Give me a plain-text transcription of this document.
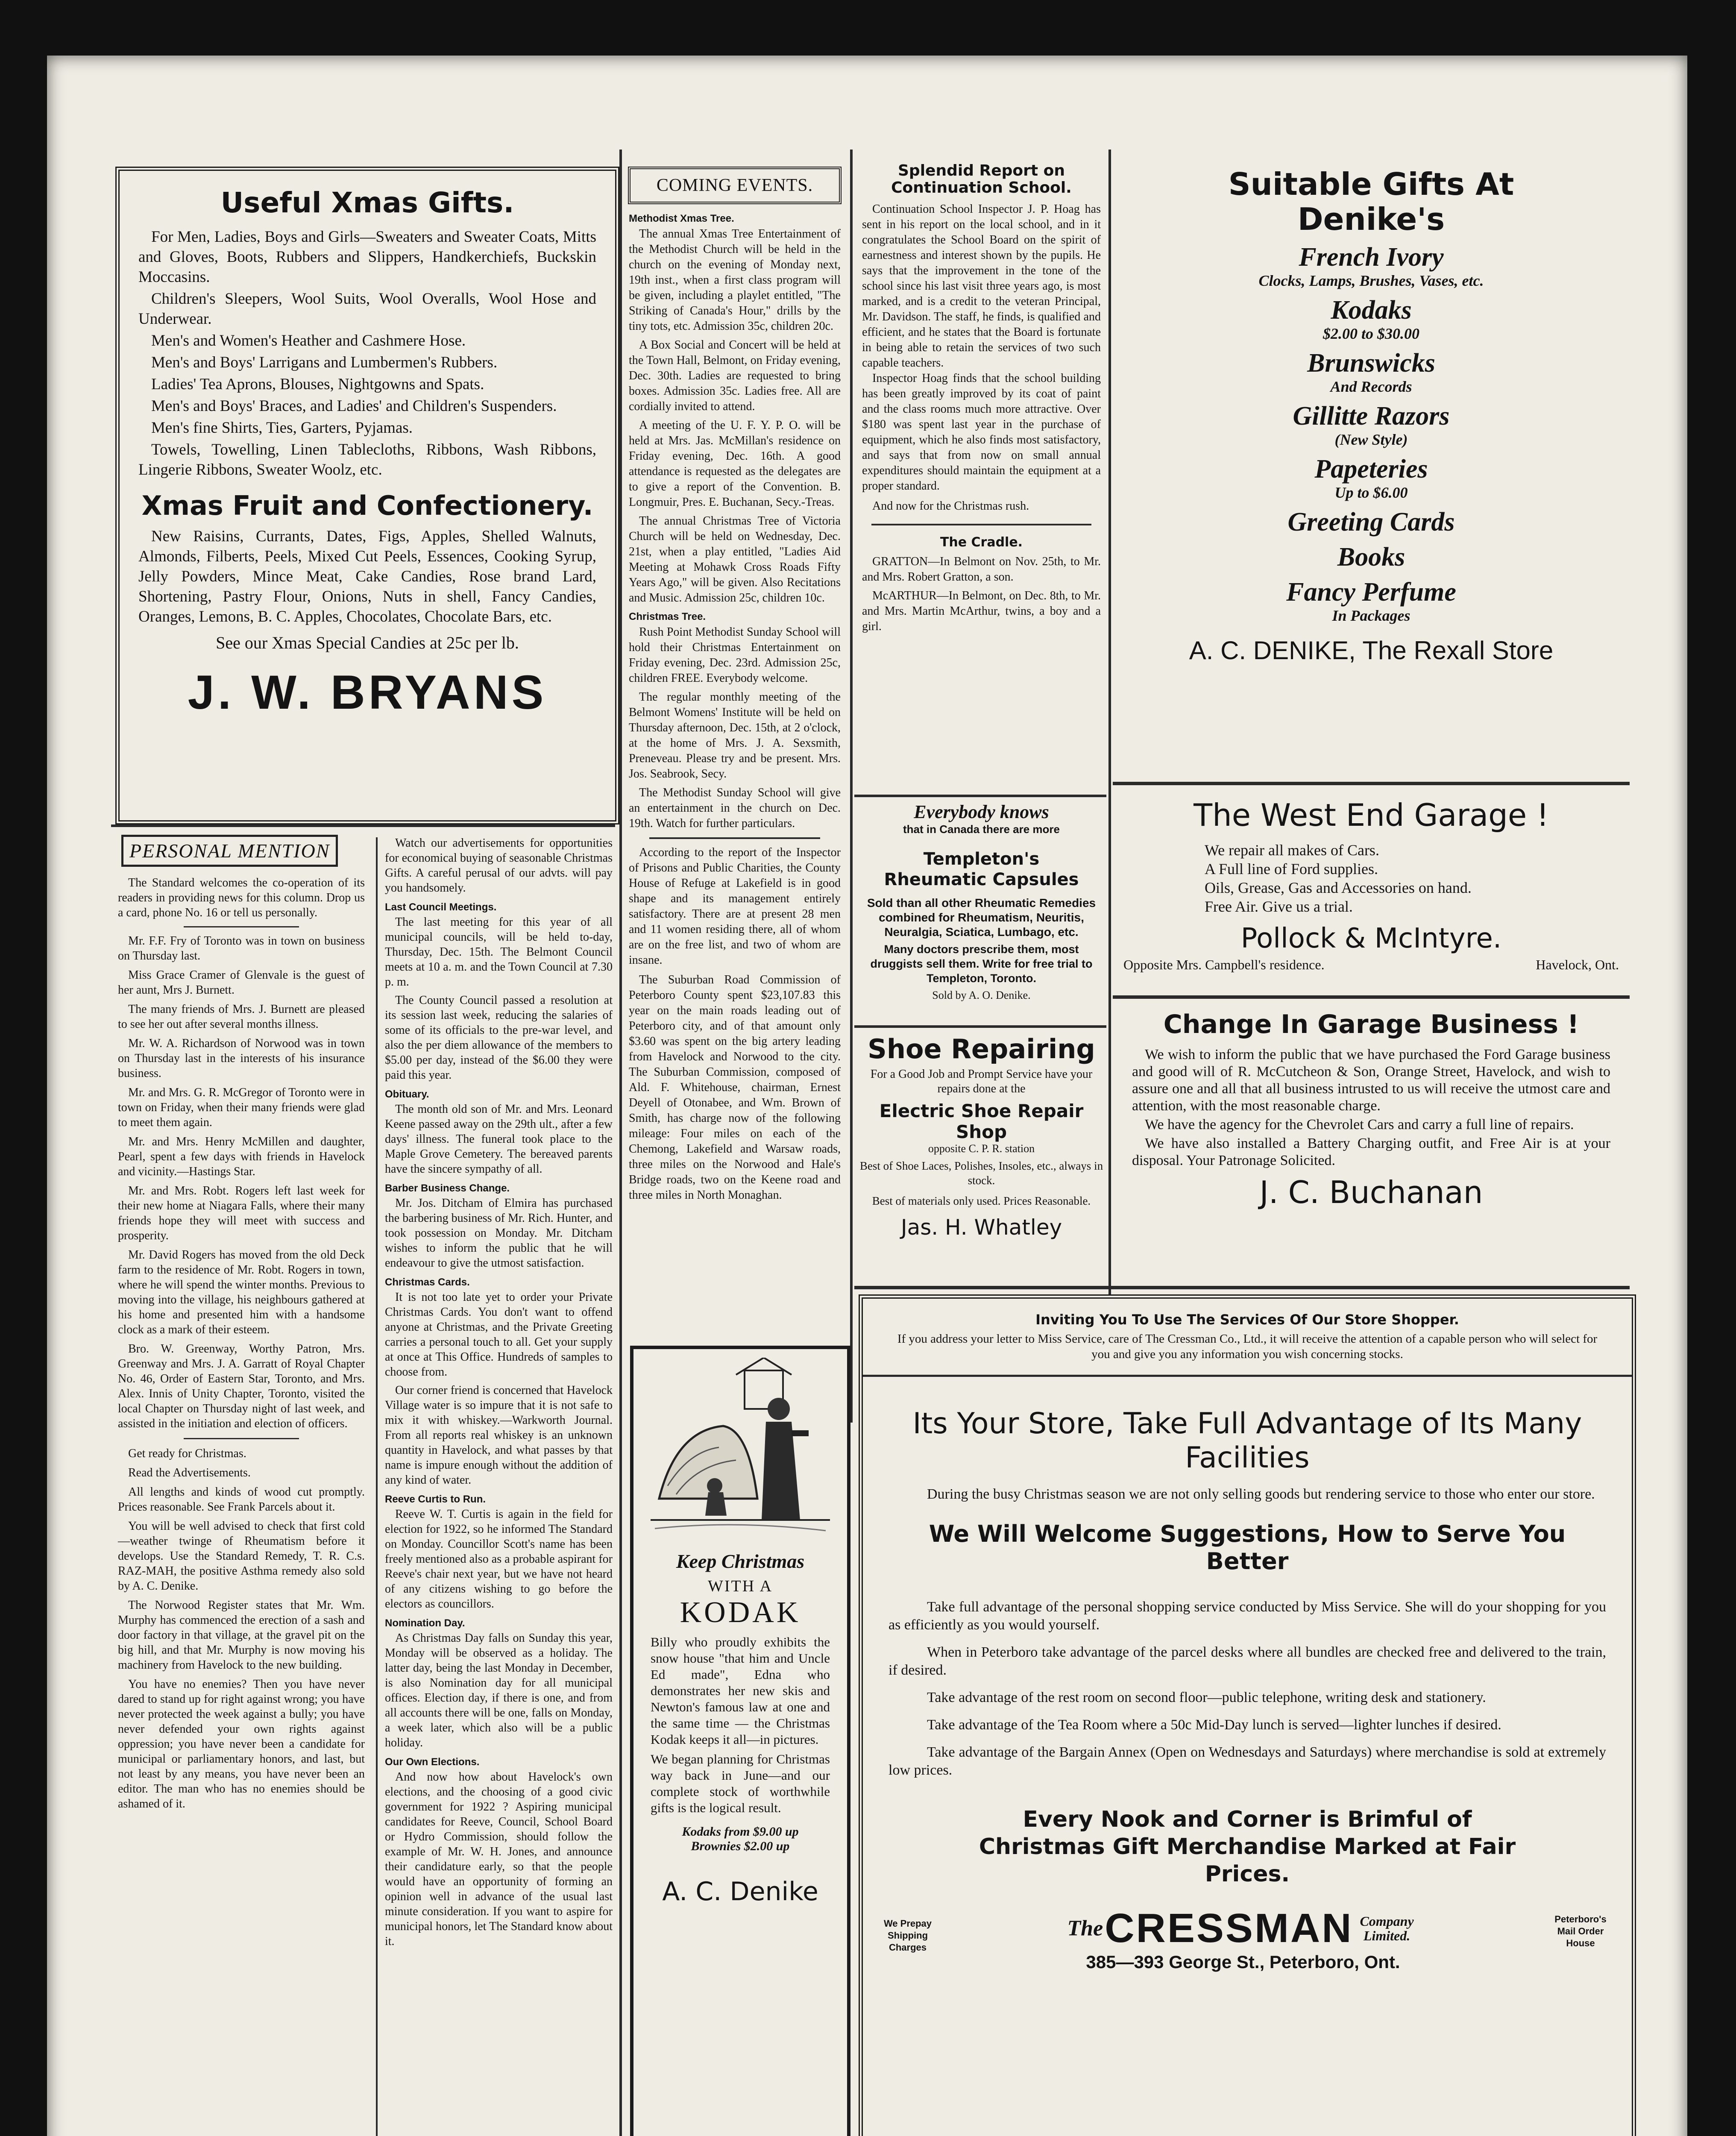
Useful Xmas Gifts.

For Men, Ladies, Boys and Girls—Sweaters and Sweater Coats, Mitts and Gloves, Boots, Rubbers and Slippers, Handkerchiefs, Buckskin Moccasins.

Children's Sleepers, Wool Suits, Wool Overalls, Wool Hose and Underwear.

Men's and Women's Heather and Cashmere Hose.

Men's and Boys' Larrigans and Lumbermen's Rubbers.

Ladies' Tea Aprons, Blouses, Nightgowns and Spats.

Men's and Boys' Braces, and Ladies' and Children's Suspenders.

Men's fine Shirts, Ties, Garters, Pyjamas.

Towels, Towelling, Linen Tablecloths, Ribbons, Wash Ribbons, Lingerie Ribbons, Sweater Woolz, etc.

Xmas Fruit and Confectionery.
New Raisins, Currants, Dates, Figs, Apples, Shelled Walnuts, Almonds, Filberts, Peels, Mixed Cut Peels, Essences, Cooking Syrup, Jelly Powders, Mince Meat, Cake Candies, Rose brand Lard, Shortening, Pastry Flour, Onions, Nuts in shell, Fancy Candies, Oranges, Lemons, B. C. Apples, Chocolates, Chocolate Bars, etc.
See our Xmas Special Candies at 25c per lb.
J. W. BRYANS
COMING EVENTS.

Methodist Xmas Tree.

The annual Xmas Tree Entertainment of the Methodist Church will be held in the church on the evening of Monday next, 19th inst., when a first class program will be given, including a playlet entitled, "The Striking of Canada's Hour," drills by the tiny tots, etc. Admission 35c, children 20c.

A Box Social and Concert will be held at the Town Hall, Belmont, on Friday evening, Dec. 30th. Ladies are requested to bring boxes. Admission 35c. Ladies free. All are cordially invited to attend.

A meeting of the U. F. Y. P. O. will be held at Mrs. Jas. McMillan's residence on Friday evening, Dec. 16th. A good attendance is requested as the delegates are to give a report of the Convention. B. Longmuir, Pres. E. Buchanan, Secy.-Treas.

The annual Christmas Tree of Victoria Church will be held on Wednesday, Dec. 21st, when a play entitled, "Ladies Aid Meeting at Mohawk Cross Roads Fifty Years Ago," will be given. Also Recitations and Music. Admission 25c, children 10c.

Christmas Tree.

Rush Point Methodist Sunday School will hold their Christmas Entertainment on Friday evening, Dec. 23rd. Admission 25c, children FREE. Everybody welcome.

The regular monthly meeting of the Belmont Womens' Institute will be held on Thursday afternoon, Dec. 15th, at 2 o'clock, at the home of Mrs. J. A. Sexsmith, Preneveau. Please try and be present. Mrs. Jos. Seabrook, Secy.

The Methodist Sunday School will give an entertainment in the church on Dec. 19th. Watch for further particulars.

According to the report of the Inspector of Prisons and Public Charities, the County House of Refuge at Lakefield is in good shape and its management entirely satisfactory. There are at present 28 men and 11 women residing there, all of whom are on the free list, and two of whom are insane.
The Suburban Road Commission of Peterboro County spent $23,107.83 this year on the main roads leading out of Peterboro city, and of that amount only $3.60 was spent on the big artery leading from Havelock and Norwood to the city. The Suburban Commission, composed of Ald. F. Whitehouse, chairman, Ernest Deyell of Otonabee, and Wm. Brown of Smith, has charge now of the following mileage: Four miles on each of the Chemong, Lakefield and Warsaw roads, three miles on the Norwood and Hale's Bridge roads, two on the Keene road and three miles in North Monaghan.
Splendid Report on Continuation School.
Continuation School Inspector J. P. Hoag has sent in his report on the local school, and in it congratulates the School Board on the spirit of earnestness and interest shown by the pupils. He says that the improvement in the tone of the school since his last visit three years ago, is most marked, and is a credit to the veteran Principal, Mr. Davidson. The staff, he finds, is qualified and efficient, and he states that the Board is fortunate in being able to retain the services of two such capable teachers.
Inspector Hoag finds that the school building has been greatly improved by its coat of paint and the class rooms much more attractive. Over $180 was spent last year in the purchase of equipment, which he also finds most satisfactory, and says that from now on small annual expenditures should maintain the equipment at a proper standard.
And now for the Christmas rush.
The Cradle.

GRATTON—In Belmont on Nov. 25th, to Mr. and Mrs. Robert Gratton, a son.

McARTHUR—In Belmont, on Dec. 8th, to Mr. and Mrs. Martin McArthur, twins, a boy and a girl.

Everybody knows
that in Canada there are more
Templeton's Rheumatic Capsules
Sold than all other Rheumatic Remedies combined for Rheumatism, Neuritis, Neuralgia, Sciatica, Lumbago, etc.
Many doctors prescribe them, most druggists sell them. Write for free trial to Templeton, Toronto.
Sold by A. O. Denike.
Shoe Repairing
For a Good Job and Prompt Service have your repairs done at the
Electric Shoe Repair Shop
opposite C. P. R. station
Best of Shoe Laces, Polishes, Insoles, etc., always in stock.
Best of materials only used. Prices Reasonable.
Jas. H. Whatley
Suitable Gifts At Denike's
French Ivory
Clocks, Lamps, Brushes, Vases, etc.
Kodaks
$2.00 to $30.00
Brunswicks
And Records
Gillitte Razors
(New Style)
Papeteries
Up to $6.00
Greeting Cards
Books
Fancy Perfume
In Packages
A. C. DENIKE, The Rexall Store
The West End Garage !
We repair all makes of Cars.
A Full line of Ford supplies.
Oils, Grease, Gas and Accessories on hand.
Free Air. Give us a trial.
Pollock & McIntyre.
Opposite Mrs. Campbell's residence.	Havelock, Ont.
Change In Garage Business !
We wish to inform the public that we have purchased the Ford Garage business and good will of R. McCutcheon & Son, Orange Street, Havelock, and wish to assure one and all that all business intrusted to us will receive the utmost care and attention, with the most reasonable charge.
We have the agency for the Chevrolet Cars and carry a full line of repairs.
We have also installed a Battery Charging outfit, and Free Air is at your disposal. Your Patronage Solicited.
J. C. Buchanan
PERSONAL MENTION
The Standard welcomes the co-operation of its readers in providing news for this column. Drop us a card, phone No. 16 or tell us personally.

Mr. F.F. Fry of Toronto was in town on business on Thursday last.

Miss Grace Cramer of Glenvale is the guest of her aunt, Mrs J. Burnett.

The many friends of Mrs. J. Burnett are pleased to see her out after several months illness.

Mr. W. A. Richardson of Norwood was in town on Thursday last in the interests of his insurance business.

Mr. and Mrs. G. R. McGregor of Toronto were in town on Friday, when their many friends were glad to meet them again.

Mr. and Mrs. Henry McMillen and daughter, Pearl, spent a few days with friends in Havelock and vicinity.—Hastings Star.

Mr. and Mrs. Robt. Rogers left last week for their new home at Niagara Falls, where their many friends hope they will meet with success and prosperity.

Mr. David Rogers has moved from the old Deck farm to the residence of Mr. Robt. Rogers in town, where he will spend the winter months. Previous to moving into the village, his neighbours gathered at his home and presented him with a handsome clock as a mark of their esteem.

Bro. W. Greenway, Worthy Patron, Mrs. Greenway and Mrs. J. A. Garratt of Royal Chapter No. 46, Order of Eastern Star, Toronto, and Mrs. Alex. Innis of Unity Chapter, Toronto, visited the local Chapter on Thursday night of last week, and assisted in the initiation and election of officers.

Get ready for Christmas.

Read the Advertisements.

All lengths and kinds of wood cut promptly. Prices reasonable. See Frank Parcels about it.

You will be well advised to check that first cold—weather twinge of Rheumatism before it develops. Use the Standard Remedy, T. R. C.s. RAZ-MAH, the positive Asthma remedy also sold by A. C. Denike.

The Norwood Register states that Mr. Wm. Murphy has commenced the erection of a sash and door factory in that village, at the gravel pit on the big hill, and that Mr. Murphy is now moving his machinery from Havelock to the new building.

You have no enemies? Then you have never dared to stand up for right against wrong; you have never protected the week against a bully; you have never defended your own rights against oppression; you have never been a candidate for municipal or parliamentary honors, and last, but not least by any means, you have never been an editor. The man who has no enemies should be ashamed of it.

Watch our advertisements for opportunities for economical buying of seasonable Christmas Gifts. A careful perusal of our advts. will pay you handsomely.

Last Council Meetings.

The last meeting for this year of all municipal councils, will be held to-day, Thursday, Dec. 15th. The Belmont Council meets at 10 a. m. and the Town Council at 7.30 p. m.

The County Council passed a resolution at its session last week, reducing the salaries of some of its officials to the pre-war level, and also the per diem allowance of the members to $5.00 per day, instead of the $6.00 they were paid this year.

Obituary.

The month old son of Mr. and Mrs. Leonard Keene passed away on the 29th ult., after a few days' illness. The funeral took place to the Maple Grove Cemetery. The bereaved parents have the sincere sympathy of all.

Barber Business Change.

Mr. Jos. Ditcham of Elmira has purchased the barbering business of Mr. Rich. Hunter, and took possession on Monday. Mr. Ditcham wishes to inform the public that he will endeavour to give the utmost satisfaction.

Christmas Cards.

It is not too late yet to order your Private Christmas Cards. You don't want to offend anyone at Christmas, and the Private Greeting carries a personal touch to all. Get your supply at once at This Office. Hundreds of samples to choose from.

Our corner friend is concerned that Havelock Village water is so impure that it is not safe to mix it with whiskey.—Warkworth Journal. From all reports real whiskey is an unknown quantity in Havelock, and what passes by that name is impure enough without the addition of any kind of water.

Reeve Curtis to Run.

Reeve W. T. Curtis is again in the field for election for 1922, so he informed The Standard on Monday. Councillor Scott's name has been freely mentioned also as a probable aspirant for Reeve's chair next year, but we have not heard of any citizens wishing to go before the electors as councillors.

Nomination Day.

As Christmas Day falls on Sunday this year, Monday will be observed as a holiday. The latter day, being the last Monday in December, is also Nomination day for all municipal offices. Election day, if there is one, and from all accounts there will be one, falls on Monday, a week later, which also will be a public holiday.

Our Own Elections.

And now how about Havelock's own elections, and the choosing of a good civic government for 1922 ? Aspiring municipal candidates for Reeve, Council, School Board or Hydro Commission, should follow the example of Mr. W. H. Jones, and announce their candidature early, so that the people would have an opportunity of forming an opinion well in advance of the usual last minute consideration. If you want to aspire for municipal honors, let The Standard know about it.

Keep Christmas
WITH A
KODAK
Billy who proudly exhibits the snow house "that him and Uncle Ed made", Edna who demonstrates her new skis and Newton's famous law at one and the same time — the Christmas Kodak keeps it all—in pictures.
We began planning for Christmas way back in June—and our complete stock of worthwhile gifts is the logical result.
Kodaks from $9.00 up
Brownies $2.00 up
A. C. Denike
Inviting You To Use The Services Of Our Store Shopper.
If you address your letter to Miss Service, care of The Cressman Co., Ltd., it will receive the attention of a capable person who will select for you and give you any information you wish concerning stocks.
Its Your Store, Take Full Advantage of Its Many Facilities
During the busy Christmas season we are not only selling goods but rendering service to those who enter our store.
We Will Welcome Suggestions, How to Serve You Better

Take full advantage of the personal shopping service conducted by Miss Service. She will do your shopping for you as efficiently as you would yourself.

When in Peterboro take advantage of the parcel desks where all bundles are checked free and delivered to the train, if desired.

Take advantage of the rest room on second floor—public telephone, writing desk and stationery.

Take advantage of the Tea Room where a 50c Mid-Day lunch is served—lighter lunches if desired.

Take advantage of the Bargain Annex (Open on Wednesdays and Saturdays) where merchandise is sold at extremely low prices.

Every Nook and Corner is Brimful of Christmas Gift Merchandise Marked at Fair Prices.
We Prepay Shipping Charges
The CRESSMAN Company Limited.
385—393 George St., Peterboro, Ont.
Peterboro's Mail Order House
